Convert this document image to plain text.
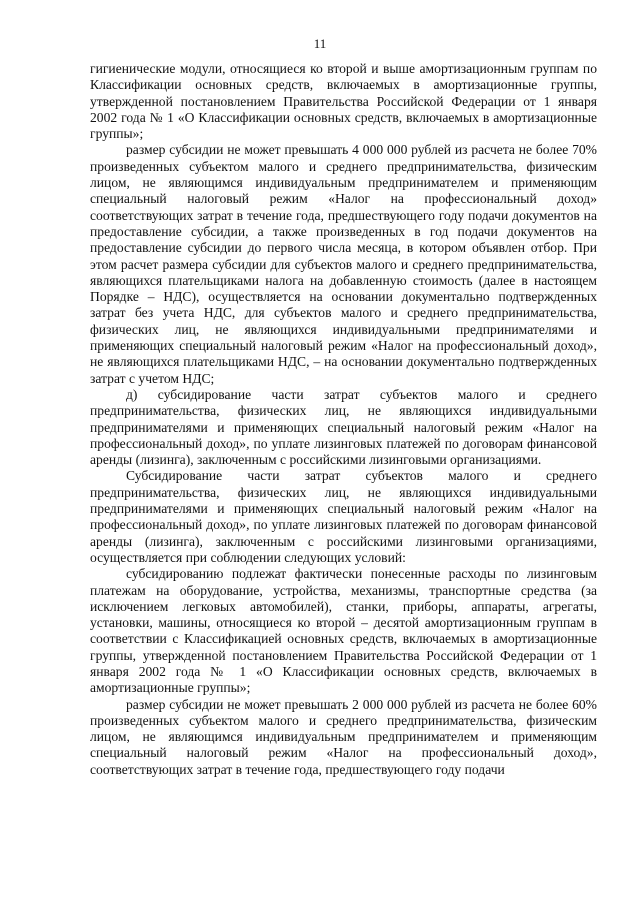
11

гигиенические модули, относящиеся ко второй и выше амортизационным группам по Классификации основных средств, включаемых в амортизационные группы, утвержденной постановлением Правительства Российской Федерации от 1 января 2002 года № 1 «О Классификации основных средств, включаемых в амортизационные группы»;

размер субсидии не может превышать 4 000 000 рублей из расчета не более 70% произведенных субъектом малого и среднего предпринимательства, физическим лицом, не являющимся индивидуальным предпринимателем и применяющим специальный налоговый режим «Налог на профессиональный доход» соответствующих затрат в течение года, предшествующего году подачи документов на предоставление субсидии, а также произведенных в год подачи документов на предоставление субсидии до первого числа месяца, в котором объявлен отбор. При этом расчет размера субсидии для субъектов малого и среднего предпринимательства, являющихся плательщиками налога на добавленную стоимость (далее в настоящем Порядке – НДС), осуществляется на основании документально подтвержденных затрат без учета НДС, для субъектов малого и среднего предпринимательства, физических лиц, не являющихся индивидуальными предпринимателями и применяющих специальный налоговый режим «Налог на профессиональный доход», не являющихся плательщиками НДС, – на основании документально подтвержденных затрат с учетом НДС;

д) субсидирование части затрат субъектов малого и среднего предпринимательства, физических лиц, не являющихся индивидуальными предпринимателями и применяющих специальный налоговый режим «Налог на профессиональный доход», по уплате лизинговых платежей по договорам финансовой аренды (лизинга), заключенным с российскими лизинговыми организациями.

Субсидирование части затрат субъектов малого и среднего предпринимательства, физических лиц, не являющихся индивидуальными предпринимателями и применяющих специальный налоговый режим «Налог на профессиональный доход», по уплате лизинговых платежей по договорам финансовой аренды (лизинга), заключенным с российскими лизинговыми организациями, осуществляется при соблюдении следующих условий:

субсидированию подлежат фактически понесенные расходы по лизинговым платежам на оборудование, устройства, механизмы, транспортные средства (за исключением легковых автомобилей), станки, приборы, аппараты, агрегаты, установки, машины, относящиеся ко второй – десятой амортизационным группам в соответствии с Классификацией основных средств, включаемых в амортизационные группы, утвержденной постановлением Правительства Российской Федерации от 1 января 2002 года № 1 «О Классификации основных средств, включаемых в амортизационные группы»;

размер субсидии не может превышать 2 000 000 рублей из расчета не более 60% произведенных субъектом малого и среднего предпринимательства, физическим лицом, не являющимся индивидуальным предпринимателем и применяющим специальный налоговый режим «Налог на профессиональный доход», соответствующих затрат в течение года, предшествующего году подачи
